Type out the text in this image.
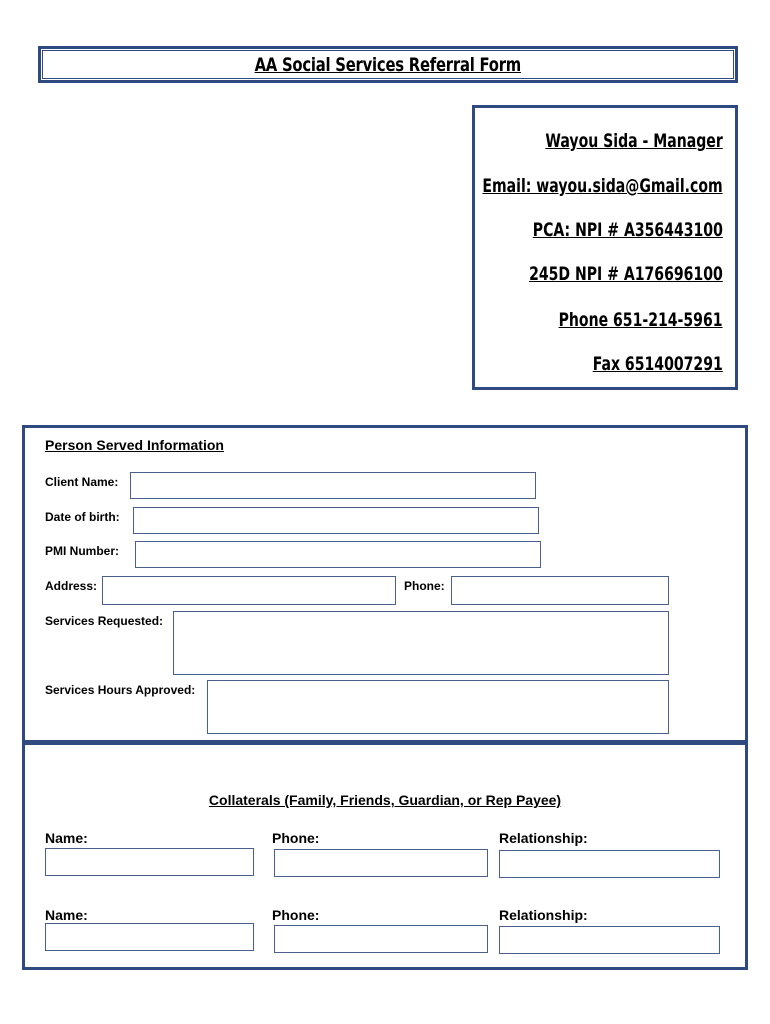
AA Social Services Referral Form
Wayou Sida - Manager
Email: wayou.sida@Gmail.com
PCA: NPI # A356443100
245D NPI # A176696100
Phone 651-214-5961
Fax 6514007291
Person Served Information
Client Name:
Date of birth:
PMI Number:
Address:	Phone:
Services Requested:
Services Hours Approved:
Collaterals (Family, Friends, Guardian, or Rep Payee)
Name:	Phone:	Relationship:
Name:	Phone:	Relationship:
